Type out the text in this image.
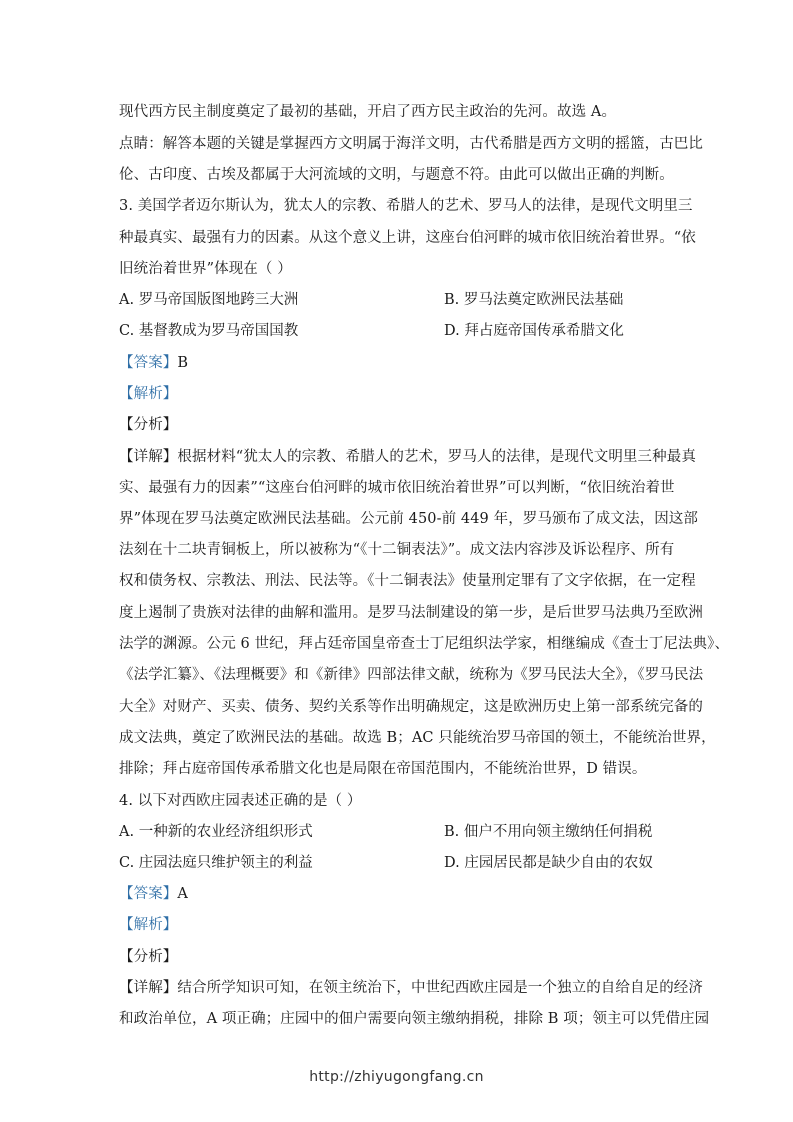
现代西方民主制度奠定了最初的基础，开启了西方民主政治的先河。故选 A。
点睛：解答本题的关键是掌握西方文明属于海洋文明，古代希腊是西方文明的摇篮，古巴比
伦、古印度、古埃及都属于大河流域的文明，与题意不符。由此可以做出正确的判断。
3. 美国学者迈尔斯认为，犹太人的宗教、希腊人的艺术、罗马人的法律，是现代文明里三
种最真实、最强有力的因素。从这个意义上讲，这座台伯河畔的城市依旧统治着世界。“依
旧统治着世界”体现在（ ）
A. 罗马帝国版图地跨三大洲	B. 罗马法奠定欧洲民法基础
C. 基督教成为罗马帝国国教	D. 拜占庭帝国传承希腊文化
【答案】B
【解析】
【分析】
【详解】根据材料“犹太人的宗教、希腊人的艺术，罗马人的法律，是现代文明里三种最真
实、最强有力的因素”“这座台伯河畔的城市依旧统治着世界”可以判断，“依旧统治着世
界”体现在罗马法奠定欧洲民法基础。公元前 450-前 449 年，罗马颁布了成文法，因这部
法刻在十二块青铜板上，所以被称为“《十二铜表法》”。成文法内容涉及诉讼程序、所有
权和债务权、宗教法、刑法、民法等。《十二铜表法》使量刑定罪有了文字依据，在一定程
度上遏制了贵族对法律的曲解和滥用。是罗马法制建设的第一步，是后世罗马法典乃至欧洲
法学的渊源。公元 6 世纪，拜占廷帝国皇帝查士丁尼组织法学家，相继编成《查士丁尼法典》、
《法学汇纂》、《法理概要》和《新律》四部法律文献，统称为《罗马民法大全》，《罗马民法
大全》对财产、买卖、债务、契约关系等作出明确规定，这是欧洲历史上第一部系统完备的
成文法典，奠定了欧洲民法的基础。故选 B；AC 只能统治罗马帝国的领土，不能统治世界，
排除；拜占庭帝国传承希腊文化也是局限在帝国范围内，不能统治世界，D 错误。
4. 以下对西欧庄园表述正确的是（ ）
A. 一种新的农业经济组织形式	B. 佃户不用向领主缴纳任何捐税
C. 庄园法庭只维护领主的利益	D. 庄园居民都是缺少自由的农奴
【答案】A
【解析】
【分析】
【详解】结合所学知识可知，在领主统治下，中世纪西欧庄园是一个独立的自给自足的经济
和政治单位，A 项正确；庄园中的佃户需要向领主缴纳捐税，排除 B 项；领主可以凭借庄园
http://zhiyugongfang.cn
